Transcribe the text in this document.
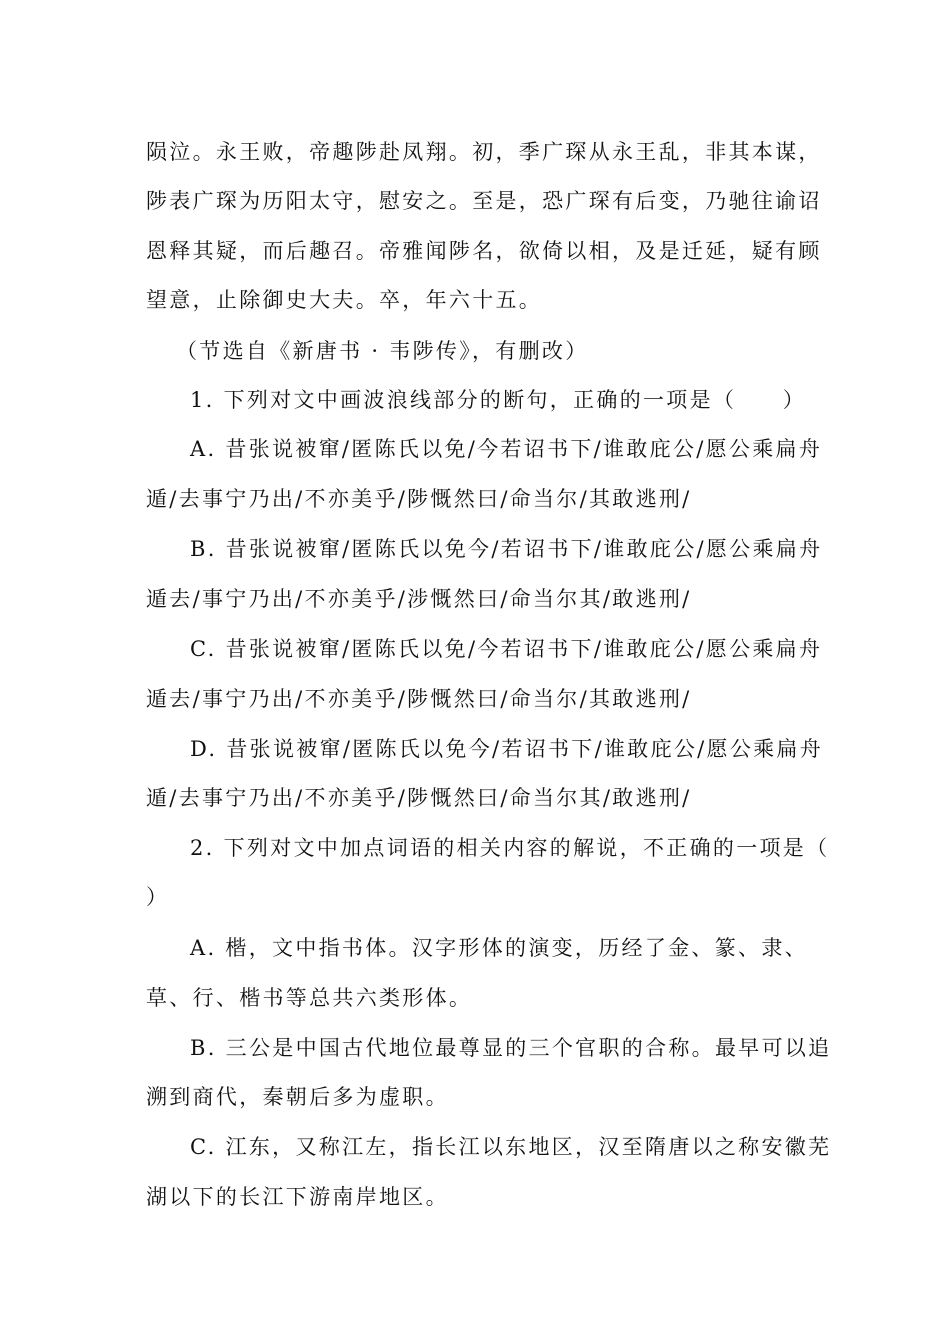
陨泣。永王败，帝趣陟赴凤翔。初，季广琛从永王乱，非其本谋，
陟表广琛为历阳太守，慰安之。至是，恐广琛有后变，乃驰往谕诏
恩释其疑，而后趣召。帝雅闻陟名，欲倚以相，及是迁延，疑有顾
望意，止除御史大夫。卒，年六十五。
（节选自《新唐书 · 韦陟传》，有删改）
1. 下列对文中画波浪线部分的断句，正确的一项是（　　）
A. 昔张说被窜/匿陈氏以免/今若诏书下/谁敢庇公/愿公乘扁舟
遁/去事宁乃出/不亦美乎/陟慨然曰/命当尔/其敢逃刑/
B. 昔张说被窜/匿陈氏以免今/若诏书下/谁敢庇公/愿公乘扁舟
遁去/事宁乃出/不亦美乎/涉慨然曰/命当尔其/敢逃刑/
C. 昔张说被窜/匿陈氏以免/今若诏书下/谁敢庇公/愿公乘扁舟
遁去/事宁乃出/不亦美乎/陟慨然曰/命当尔/其敢逃刑/
D. 昔张说被窜/匿陈氏以免今/若诏书下/谁敢庇公/愿公乘扁舟
遁/去事宁乃出/不亦美乎/陟慨然曰/命当尔其/敢逃刑/
2. 下列对文中加点词语的相关内容的解说，不正确的一项是（
）
A. 楷，文中指书体。汉字形体的演变，历经了金、篆、隶、
草、行、楷书等总共六类形体。
B. 三公是中国古代地位最尊显的三个官职的合称。最早可以追
溯到商代，秦朝后多为虚职。
C. 江东，又称江左，指长江以东地区，汉至隋唐以之称安徽芜
湖以下的长江下游南岸地区。
